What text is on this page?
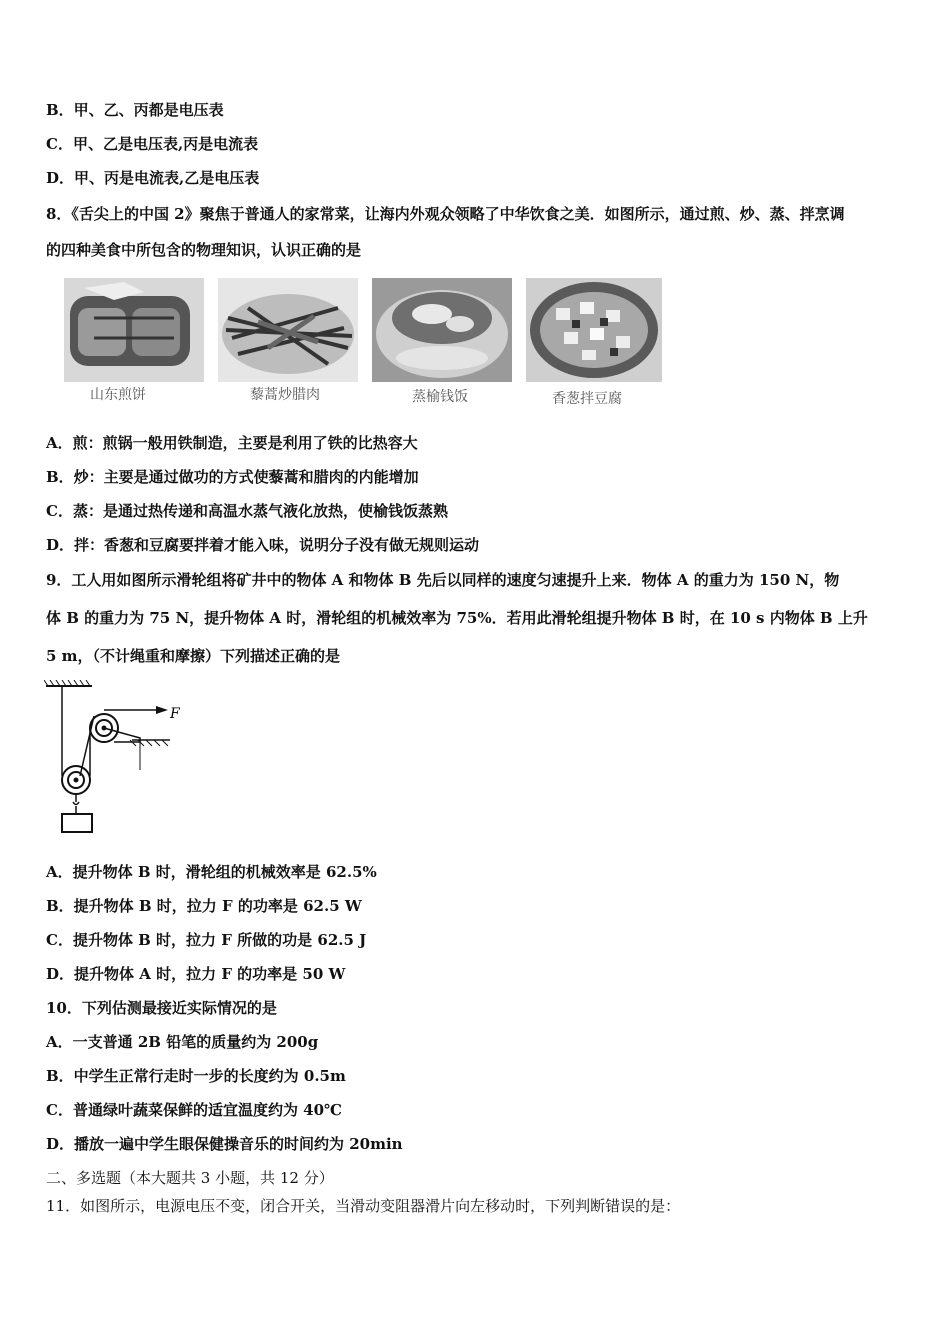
B．甲、乙、丙都是电压表
C．甲、乙是电压表,丙是电流表
D．甲、丙是电流表,乙是电压表
8．《舌尖上的中国 2》聚焦于普通人的家常菜，让海内外观众领略了中华饮食之美．如图所示，通过煎、炒、蒸、拌烹调
的四种美食中所包含的物理知识，认识正确的是
山东煎饼	藜蒿炒腊肉	蒸榆钱饭	香葱拌豆腐
A．煎：煎锅一般用铁制造，主要是利用了铁的比热容大
B．炒：主要是通过做功的方式使藜蒿和腊肉的内能增加
C．蒸：是通过热传递和高温水蒸气液化放热，使榆钱饭蒸熟
D．拌：香葱和豆腐要拌着才能入味，说明分子没有做无规则运动
9．工人用如图所示滑轮组将矿井中的物体 A 和物体 B 先后以同样的速度匀速提升上来．物体 A 的重力为 150 N，物
体 B 的重力为 75 N，提升物体 A 时，滑轮组的机械效率为 75%．若用此滑轮组提升物体 B 时，在 10 s 内物体 B 上升
5 m，（不计绳重和摩擦）下列描述正确的是
F
A．提升物体 B 时，滑轮组的机械效率是 62.5%
B．提升物体 B 时，拉力 F 的功率是 62.5 W
C．提升物体 B 时，拉力 F 所做的功是 62.5 J
D．提升物体 A 时，拉力 F 的功率是 50 W
10．下列估测最接近实际情况的是
A．一支普通 2B 铅笔的质量约为 200g
B．中学生正常行走时一步的长度约为 0.5m
C．普通绿叶蔬菜保鲜的适宜温度约为 40℃
D．播放一遍中学生眼保健操音乐的时间约为 20min
二、多选题（本大题共 3 小题，共 12 分）
11．如图所示，电源电压不变，闭合开关，当滑动变阻器滑片向左移动时，下列判断错误的是：
